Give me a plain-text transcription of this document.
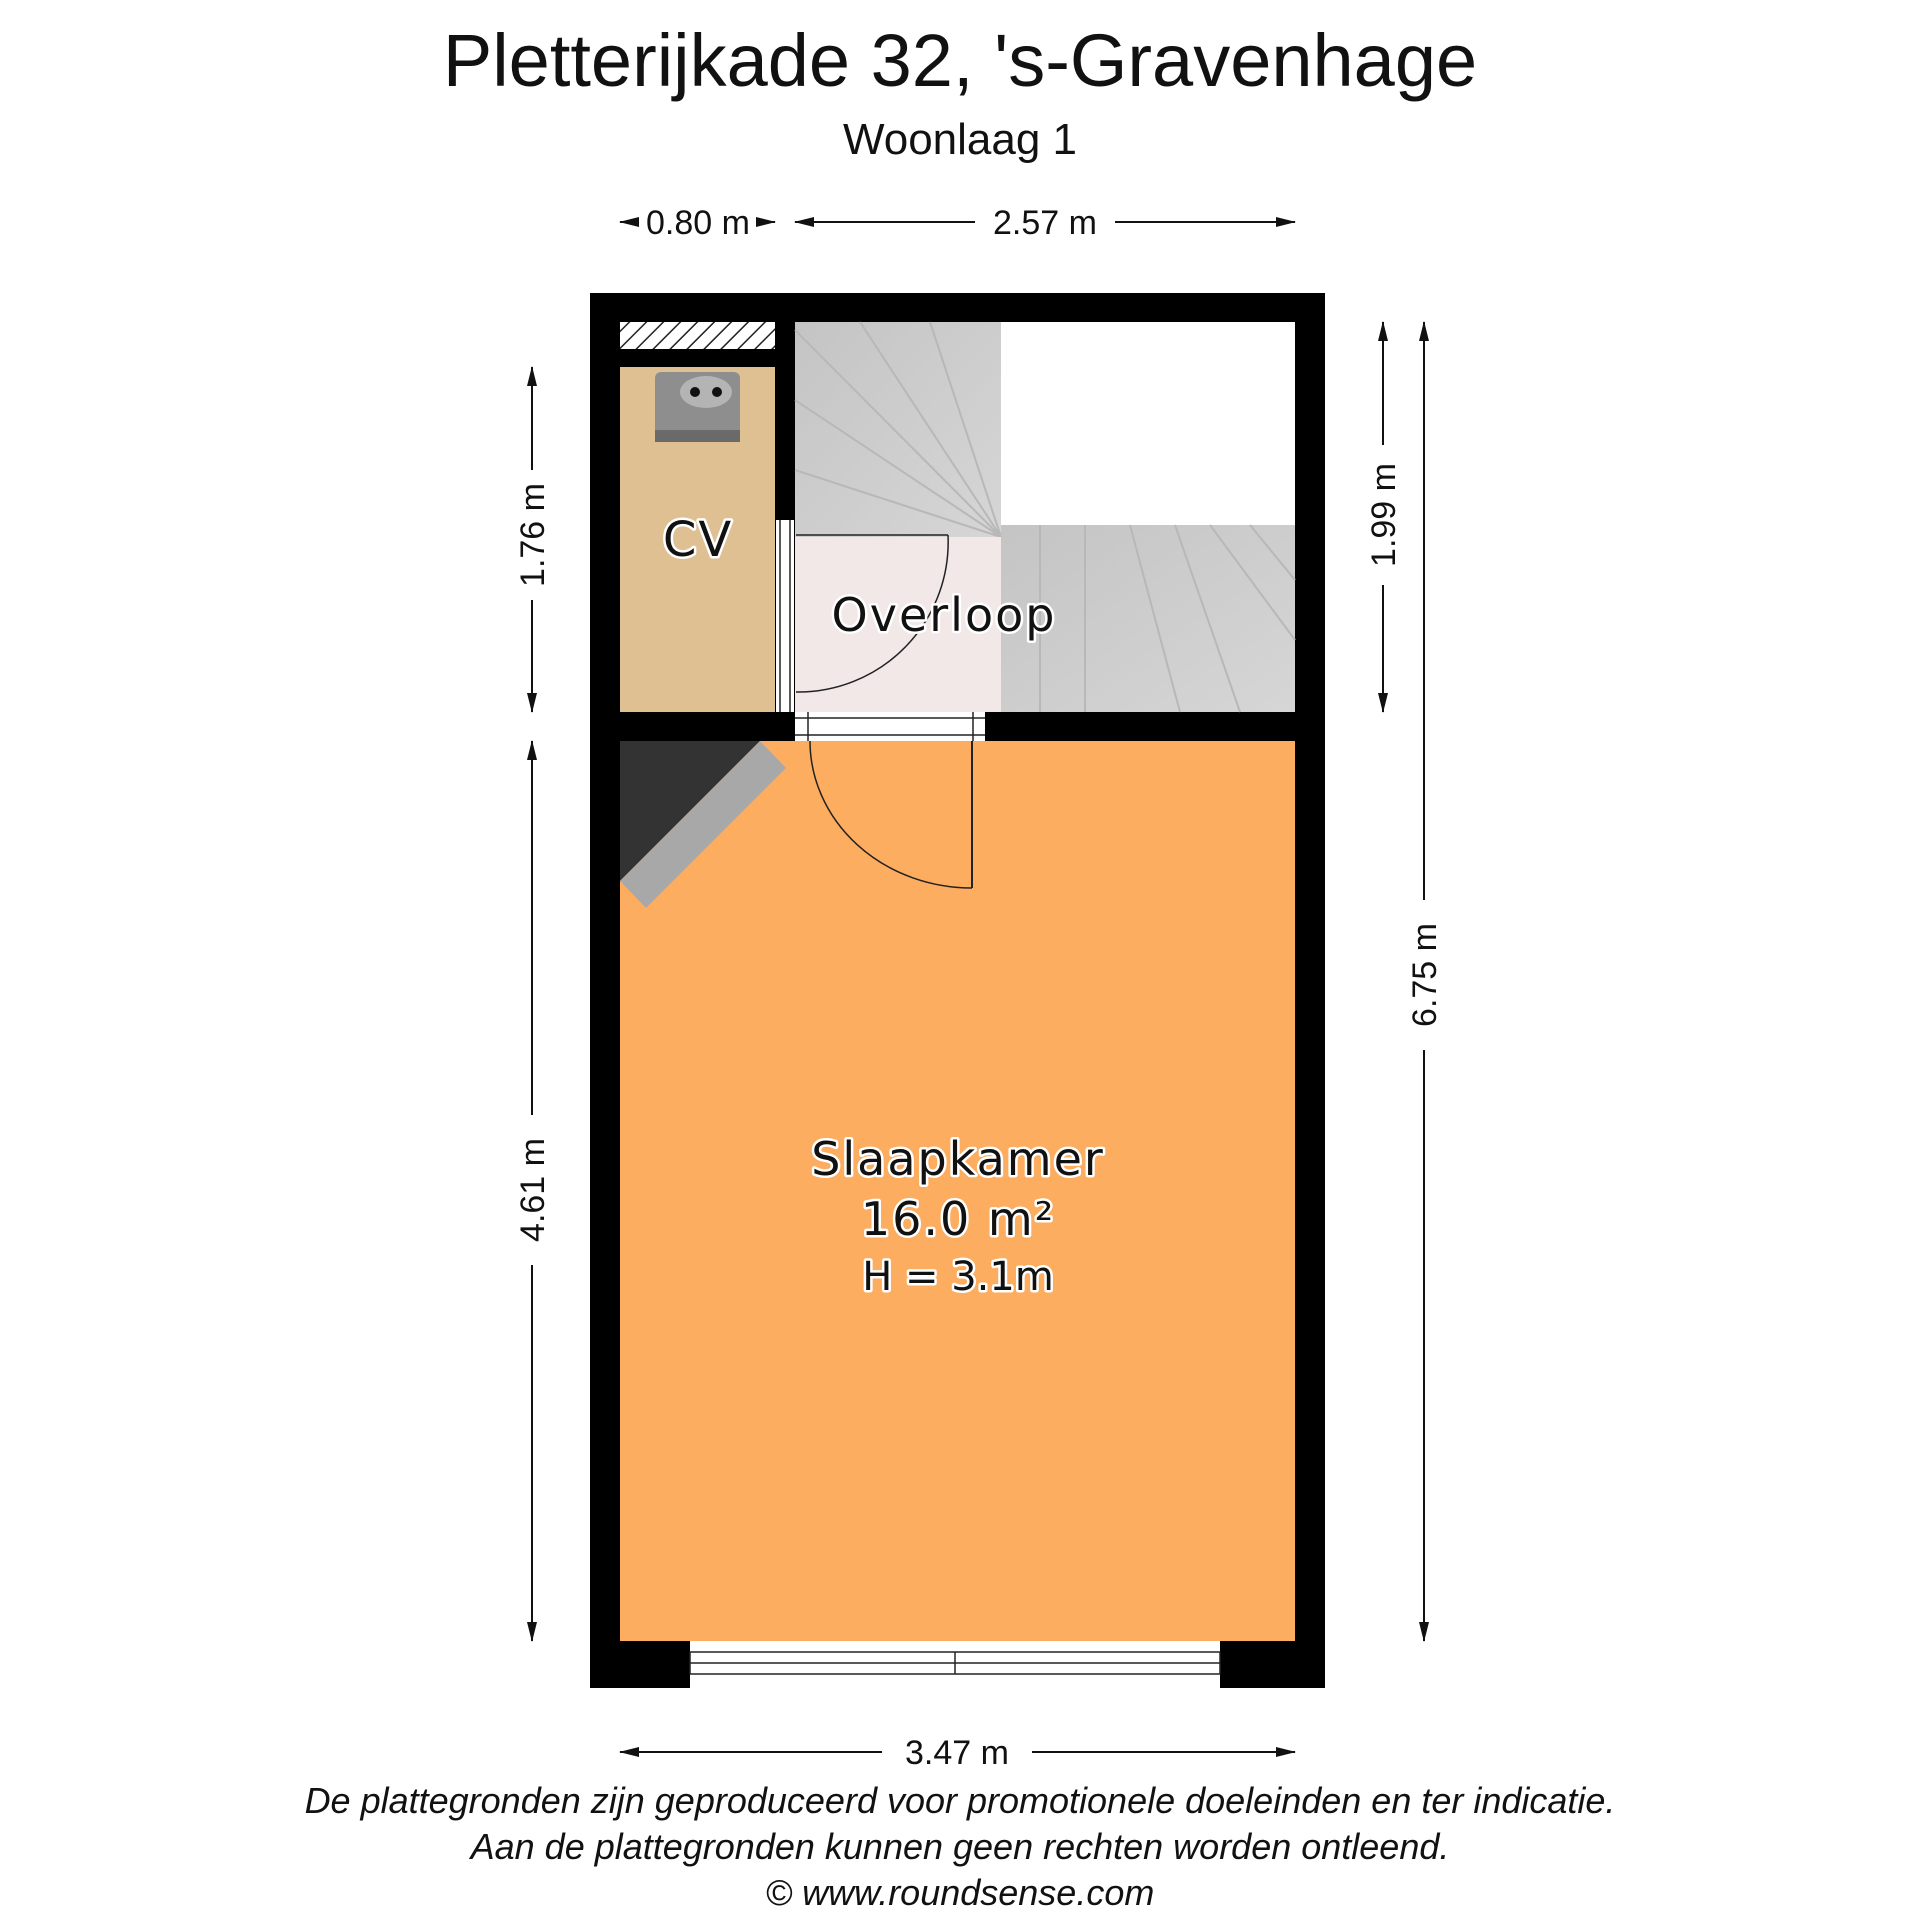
Pletterijkade 32, 's-Gravenhage
Woonlaag 1
CV
Overloop
Slaapkamer
16.0 m²
H = 3.1m
0.80 m	2.57 m
1.76 m
4.61 m
1.99 m
6.75 m
3.47 m
De plattegronden zijn geproduceerd voor promotionele doeleinden en ter indicatie.
Aan de plattegronden kunnen geen rechten worden ontleend.
© www.roundsense.com
